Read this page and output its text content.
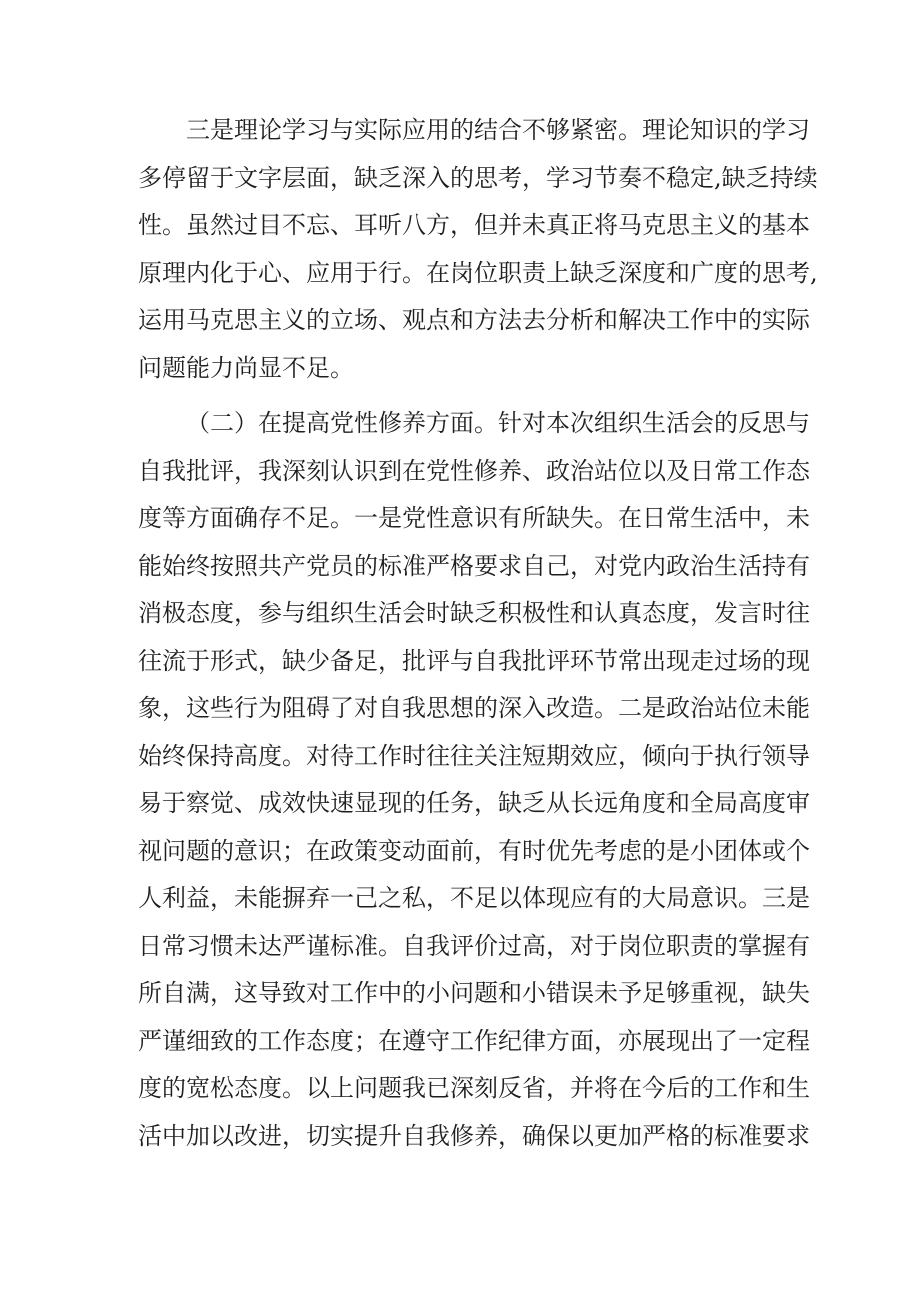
三是理论学习与实际应用的结合不够紧密。理论知识的学习
多停留于文字层面，缺乏深入的思考，学习节奏不稳定,缺乏持续
性。虽然过目不忘、耳听八方，但并未真正将马克思主义的基本
原理内化于心、应用于行。在岗位职责上缺乏深度和广度的思考,
运用马克思主义的立场、观点和方法去分析和解决工作中的实际
问题能力尚显不足。
（二）在提高党性修养方面。针对本次组织生活会的反思与
自我批评，我深刻认识到在党性修养、政治站位以及日常工作态
度等方面确存不足。一是党性意识有所缺失。在日常生活中，未
能始终按照共产党员的标准严格要求自己，对党内政治生活持有
消极态度，参与组织生活会时缺乏积极性和认真态度，发言时往
往流于形式，缺少备足，批评与自我批评环节常出现走过场的现
象，这些行为阻碍了对自我思想的深入改造。二是政治站位未能
始终保持高度。对待工作时往往关注短期效应，倾向于执行领导
易于察觉、成效快速显现的任务，缺乏从长远角度和全局高度审
视问题的意识；在政策变动面前，有时优先考虑的是小团体或个
人利益，未能摒弃一己之私，不足以体现应有的大局意识。三是
日常习惯未达严谨标准。自我评价过高，对于岗位职责的掌握有
所自满，这导致对工作中的小问题和小错误未予足够重视，缺失
严谨细致的工作态度；在遵守工作纪律方面，亦展现出了一定程
度的宽松态度。以上问题我已深刻反省，并将在今后的工作和生
活中加以改进，切实提升自我修养，确保以更加严格的标准要求
